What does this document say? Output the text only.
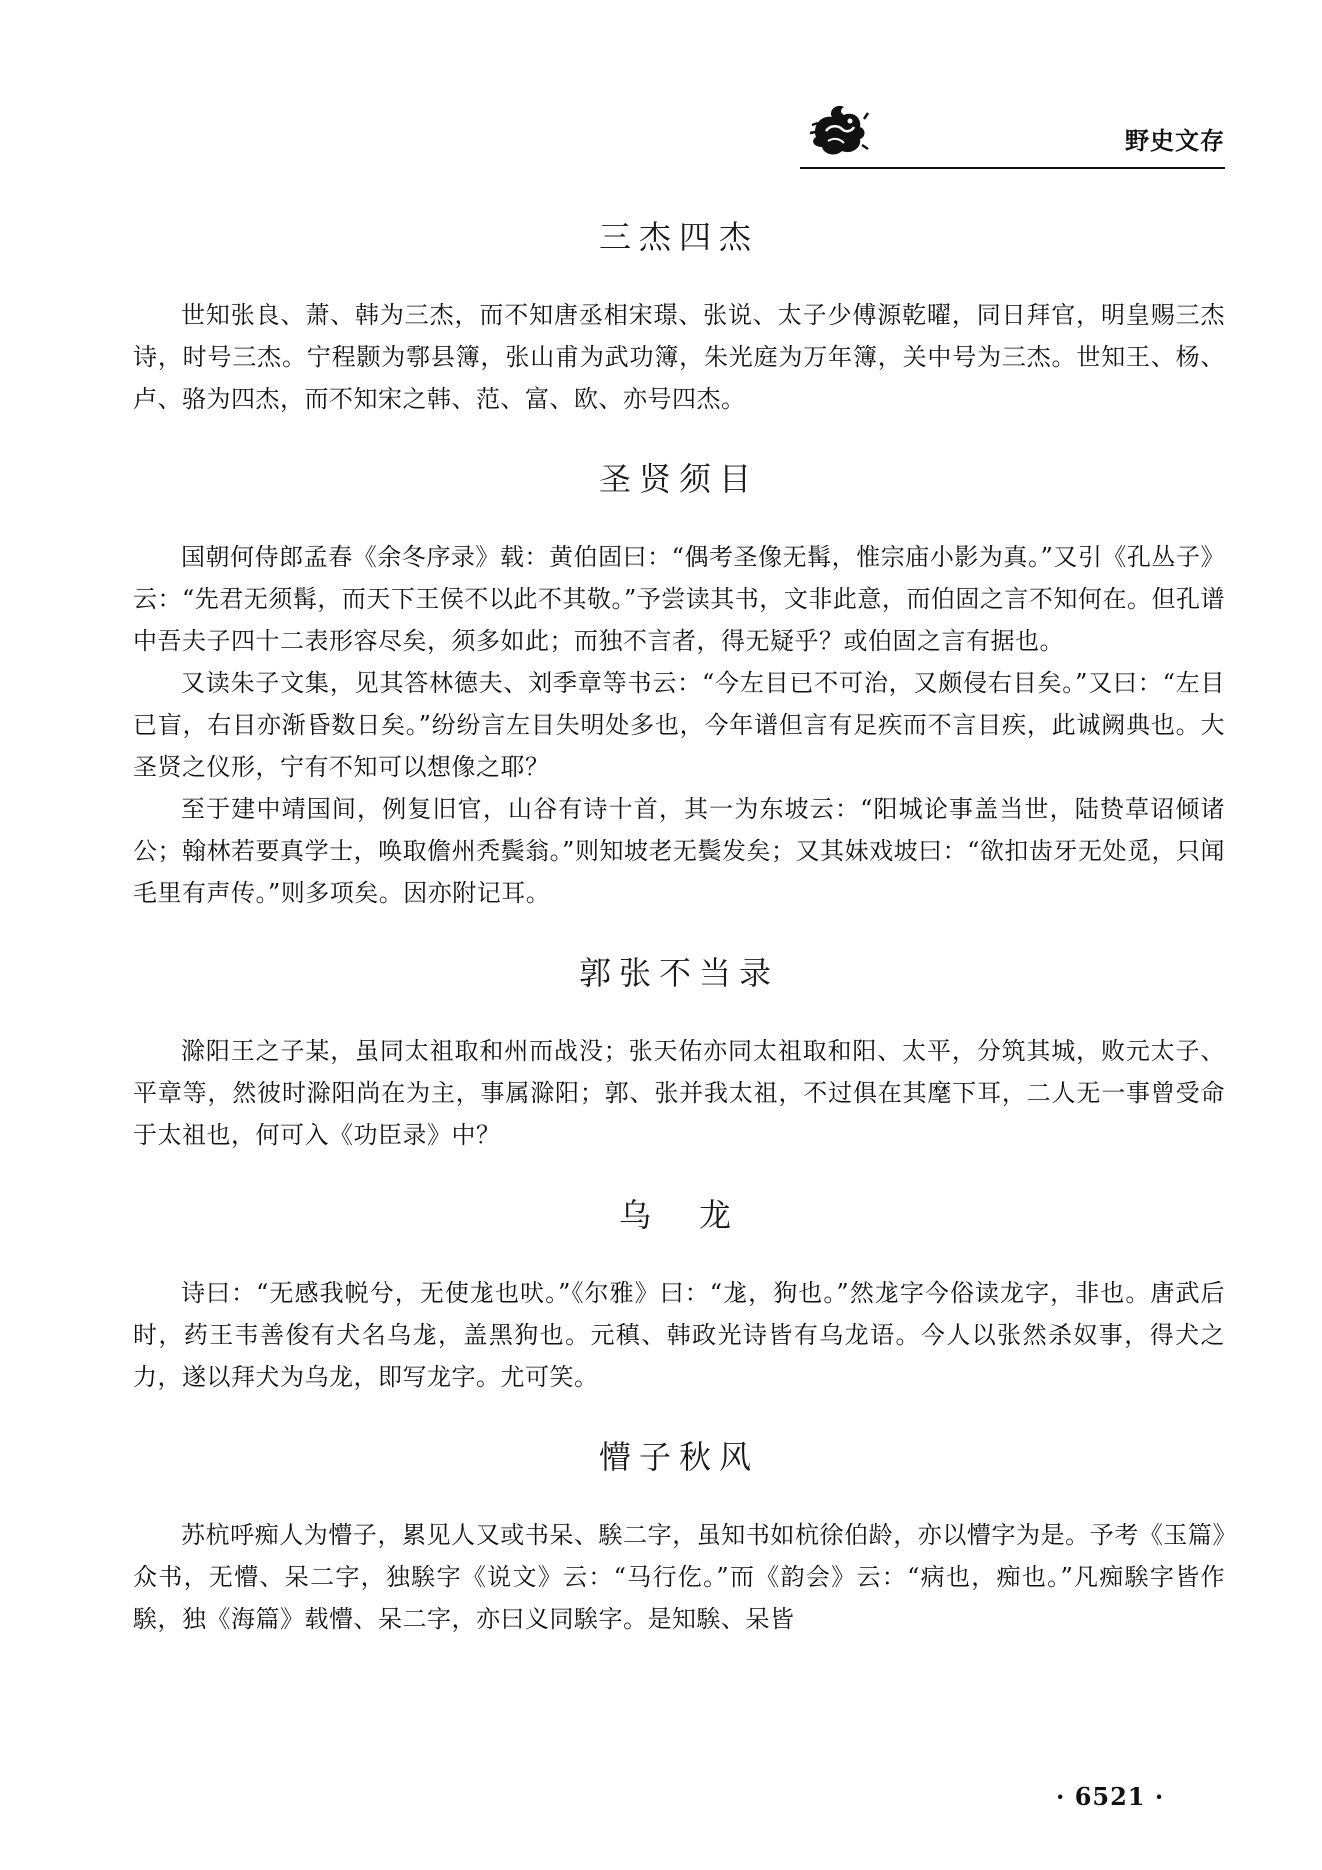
野史文存
三杰四杰

世知张良、萧、韩为三杰，而不知唐丞相宋璟、张说、太子少傅源乾曜，同日拜官，明皇赐三杰诗，时号三杰。宁程颢为鄠县簿，张山甫为武功簿，朱光庭为万年簿，关中号为三杰。世知王、杨、卢、骆为四杰，而不知宋之韩、范、富、欧、亦号四杰。

圣贤须目

国朝何侍郎孟春《余冬序录》载：黄伯固曰：“偶考圣像无髯，惟宗庙小影为真。”又引《孔丛子》云：“先君无须髯，而天下王侯不以此不其敬。”予尝读其书，文非此意，而伯固之言不知何在。但孔谱中吾夫子四十二表形容尽矣，须多如此；而独不言者，得无疑乎？或伯固之言有据也。

又读朱子文集，见其答林德夫、刘季章等书云：“今左目已不可治，又颇侵右目矣。”又曰：“左目已盲，右目亦渐昏数日矣。”纷纷言左目失明处多也，今年谱但言有足疾而不言目疾，此诚阙典也。大圣贤之仪形，宁有不知可以想像之耶？

至于建中靖国间，例复旧官，山谷有诗十首，其一为东坡云：“阳城论事盖当世，陆贽草诏倾诸公；翰林若要真学士，唤取儋州秃鬓翁。”则知坡老无鬓发矣；又其妹戏坡曰：“欲扣齿牙无处觅，只闻毛里有声传。”则多项矣。因亦附记耳。

郭张不当录

滁阳王之子某，虽同太祖取和州而战没；张天佑亦同太祖取和阳、太平，分筑其城，败元太子、平章等，然彼时滁阳尚在为主，事属滁阳；郭、张并我太祖，不过俱在其麾下耳，二人无一事曾受命于太祖也，何可入《功臣录》中？

乌　龙

诗曰：“无感我帨兮，无使尨也吠。”《尔雅》曰：“尨，狗也。”然尨字今俗读龙字，非也。唐武后时，药王韦善俊有犬名乌尨，盖黑狗也。元稹、韩政光诗皆有乌龙语。今人以张然杀奴事，得犬之力，遂以拜犬为乌龙，即写龙字。尤可笑。

懵子秋风

苏杭呼痴人为懵子，累见人又或书呆、騃二字，虽知书如杭徐伯龄，亦以懵字为是。予考《玉篇》众书，无懵、呆二字，独騃字《说文》云：“马行仡。”而《韵会》云：“病也，痴也。”凡痴騃字皆作騃，独《海篇》载懵、呆二字，亦曰义同騃字。是知騃、呆皆

· 6521 ·
